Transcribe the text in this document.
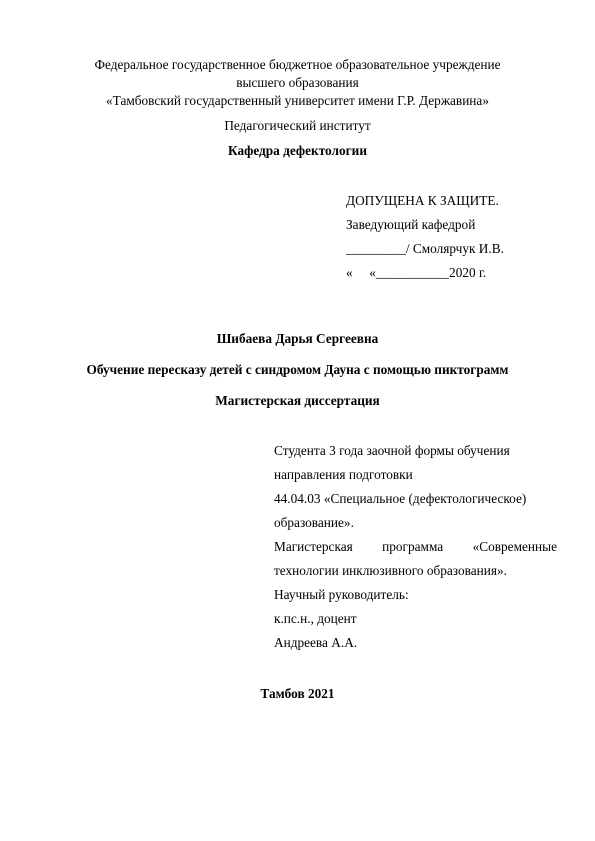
Федеральное государственное бюджетное образовательное учреждение
высшего образования
«Тамбовский государственный университет имени Г.Р. Державина»
Педагогический институт
Кафедра дефектологии
ДОПУЩЕНА К ЗАЩИТЕ.
Заведующий кафедрой
_________/ Смолярчук И.В.
«     «___________2020 г.
Шибаева Дарья Сергеевна
Обучение пересказу детей с синдромом Дауна с помощью пиктограмм
Магистерская диссертация
Студента 3 года заочной формы обучения
направления подготовки
44.04.03 «Специальное (дефектологическое)
образование».
Магистерская программа «Современные
технологии инклюзивного образования».
Научный руководитель:
к.пс.н., доцент
Андреева А.А.
Тамбов 2021
